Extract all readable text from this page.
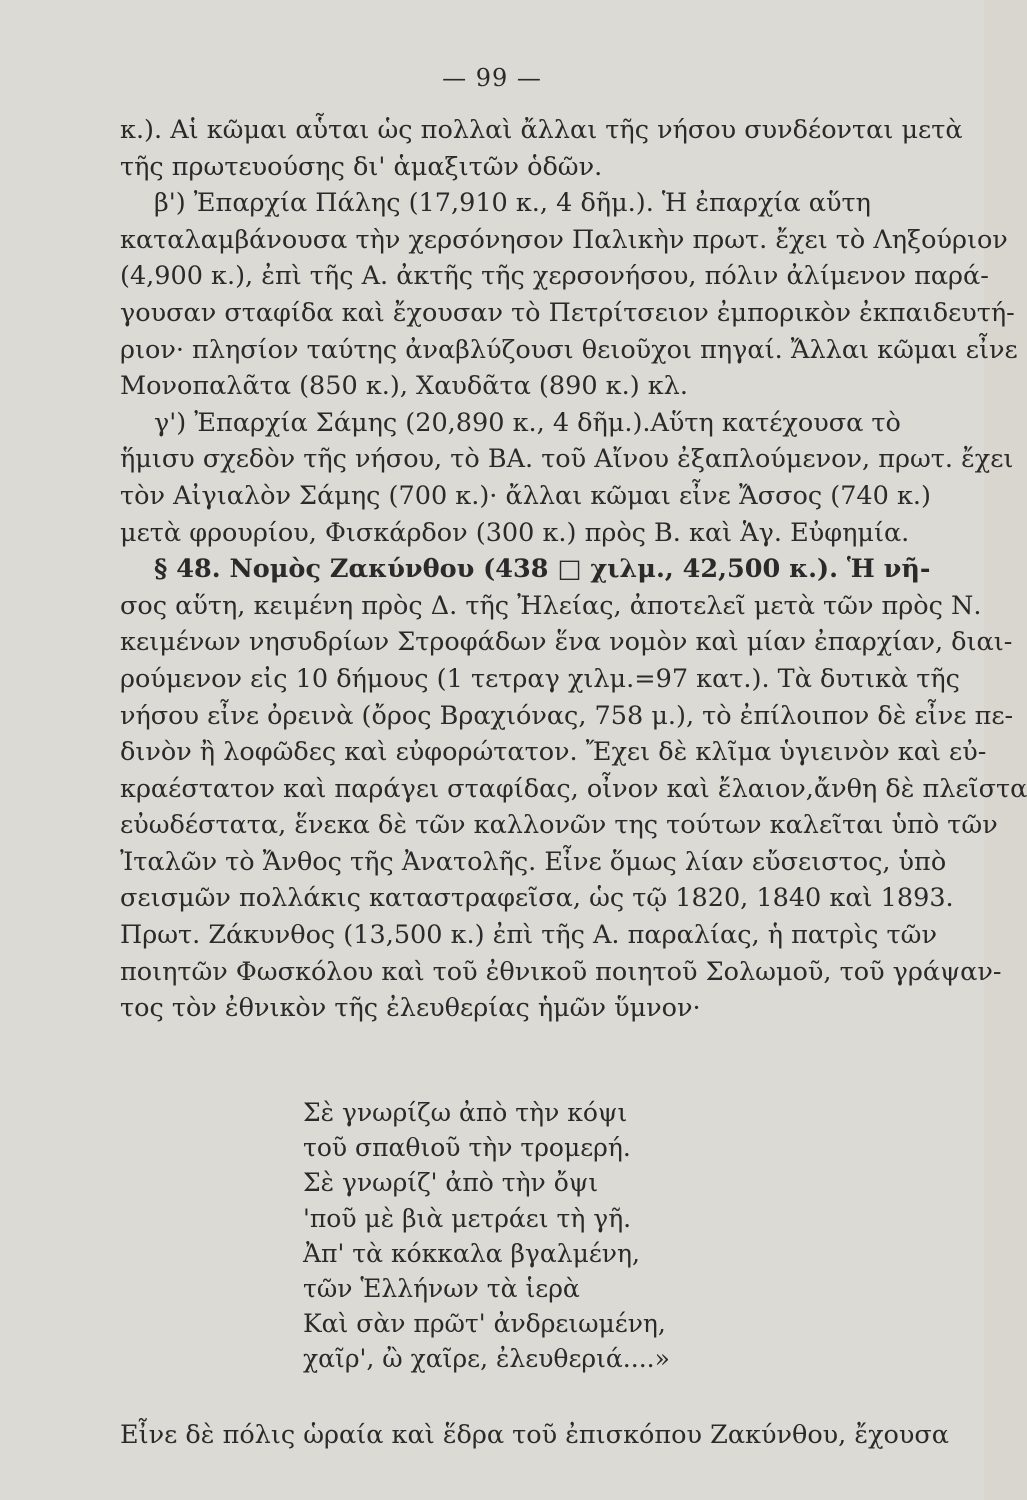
— 99 —
κ.). Αἱ κῶμαι αὗται ὡς πολλαὶ ἄλλαι τῆς νήσου συνδέονται μετὰ
τῆς πρωτευούσης δι' ἁμαξιτῶν ὁδῶν.
β') Ἐπαρχία Πάλης (17,910 κ., 4 δῆμ.). Ἡ ἐπαρχία αὕτη
καταλαμβάνουσα τὴν χερσόνησον Παλικὴν πρωτ. ἔχει τὸ Ληξούριον
(4,900 κ.), ἐπὶ τῆς Α. ἀκτῆς τῆς χερσονήσου, πόλιν ἀλίμενον παρά-
γουσαν σταφίδα καὶ ἔχουσαν τὸ Πετρίτσειον ἐμπορικὸν ἐκπαιδευτή-
ριον· πλησίον ταύτης ἀναβλύζουσι θειοῦχοι πηγαί. Ἄλλαι κῶμαι εἶνε
Μονοπαλᾶτα (850 κ.), Χαυδᾶτα (890 κ.) κλ.
γ') Ἐπαρχία Σάμης (20,890 κ., 4 δῆμ.).Αὕτη κατέχουσα τὸ
ἥμισυ σχεδὸν τῆς νήσου, τὸ ΒΑ. τοῦ Αἴνου ἐξαπλούμενον, πρωτ. ἔχει
τὸν Αἰγιαλὸν Σάμης (700 κ.)· ἄλλαι κῶμαι εἶνε Ἄσσος (740 κ.)
μετὰ φρουρίου, Φισκάρδον (300 κ.) πρὸς Β. καὶ Ἁγ. Εὐφημία.
§ 48. Νομὸς Ζακύνθου (438 □ χιλμ., 42,500 κ.). Ἡ νῆ-
σος αὕτη, κειμένη πρὸς Δ. τῆς Ἠλείας, ἀποτελεῖ μετὰ τῶν πρὸς Ν.
κειμένων νησυδρίων Στροφάδων ἕνα νομὸν καὶ μίαν ἐπαρχίαν, διαι-
ρούμενον εἰς 10 δήμους (1 τετραγ χιλμ.=97 κατ.). Τὰ δυτικὰ τῆς
νήσου εἶνε ὀρεινὰ (ὄρος Βραχιόνας, 758 μ.), τὸ ἐπίλοιπον δὲ εἶνε πε-
δινὸν ἢ λοφῶδες καὶ εὐφορώτατον. Ἔχει δὲ κλῖμα ὑγιεινὸν καὶ εὐ-
κραέστατον καὶ παράγει σταφίδας, οἶνον καὶ ἔλαιον,ἄνθη δὲ πλεῖστα
εὐωδέστατα, ἕνεκα δὲ τῶν καλλονῶν της τούτων καλεῖται ὑπὸ τῶν
Ἰταλῶν τὸ Ἄνθος τῆς Ἀνατολῆς. Εἶνε ὅμως λίαν εὔσειστος, ὑπὸ
σεισμῶν πολλάκις καταστραφεῖσα, ὡς τῷ 1820, 1840 καὶ 1893.
Πρωτ. Ζάκυνθος (13,500 κ.) ἐπὶ τῆς Α. παραλίας, ἡ πατρὶς τῶν
ποιητῶν Φωσκόλου καὶ τοῦ ἐθνικοῦ ποιητοῦ Σολωμοῦ, τοῦ γράψαν-
τος τὸν ἐθνικὸν τῆς ἐλευθερίας ἡμῶν ὕμνον·
Σὲ γνωρίζω ἀπὸ τὴν κόψι
τοῦ σπαθιοῦ τὴν τρομερή.
Σὲ γνωρίζ' ἀπὸ τὴν ὄψι
'ποῦ μὲ βιὰ μετράει τὴ γῆ.
Ἀπ' τὰ κόκκαλα βγαλμένη,
τῶν Ἑλλήνων τὰ ἱερὰ
Καὶ σὰν πρῶτ' ἀνδρειωμένη,
χαῖρ', ὢ χαῖρε, ἐλευθεριά....»
Εἶνε δὲ πόλις ὡραία καὶ ἕδρα τοῦ ἐπισκόπου Ζακύνθου, ἔχουσα
